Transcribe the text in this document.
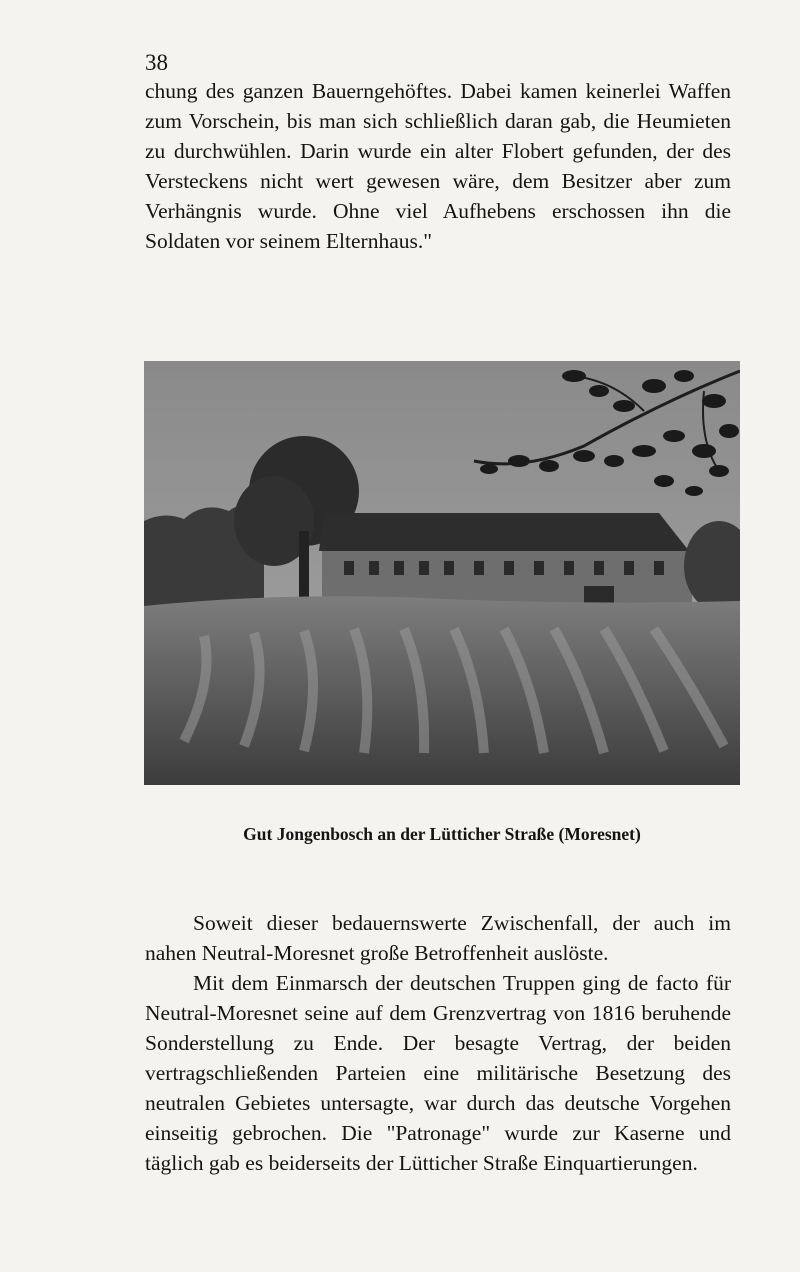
38

chung des ganzen Bauerngehöftes. Dabei kamen keinerlei Waffen zum Vorschein, bis man sich schließlich daran gab, die Heumieten zu durchwühlen. Darin wurde ein alter Flobert gefunden, der des Versteckens nicht wert gewesen wäre, dem Besitzer aber zum Verhängnis wurde. Ohne viel Aufhebens erschossen ihn die Soldaten vor seinem Elternhaus."

Gut Jongenbosch an der Lütticher Straße (Moresnet)

Soweit dieser bedauernswerte Zwischenfall, der auch im nahen Neutral-Moresnet große Betroffenheit auslöste.

Mit dem Einmarsch der deutschen Truppen ging de facto für Neutral-Moresnet seine auf dem Grenzvertrag von 1816 beruhende Sonderstellung zu Ende. Der besagte Vertrag, der beiden vertragschließenden Parteien eine militärische Besetzung des neutralen Gebietes untersagte, war durch das deutsche Vorgehen einseitig gebrochen. Die "Patronage" wurde zur Kaserne und täglich gab es beiderseits der Lütticher Straße Einquartierungen.
